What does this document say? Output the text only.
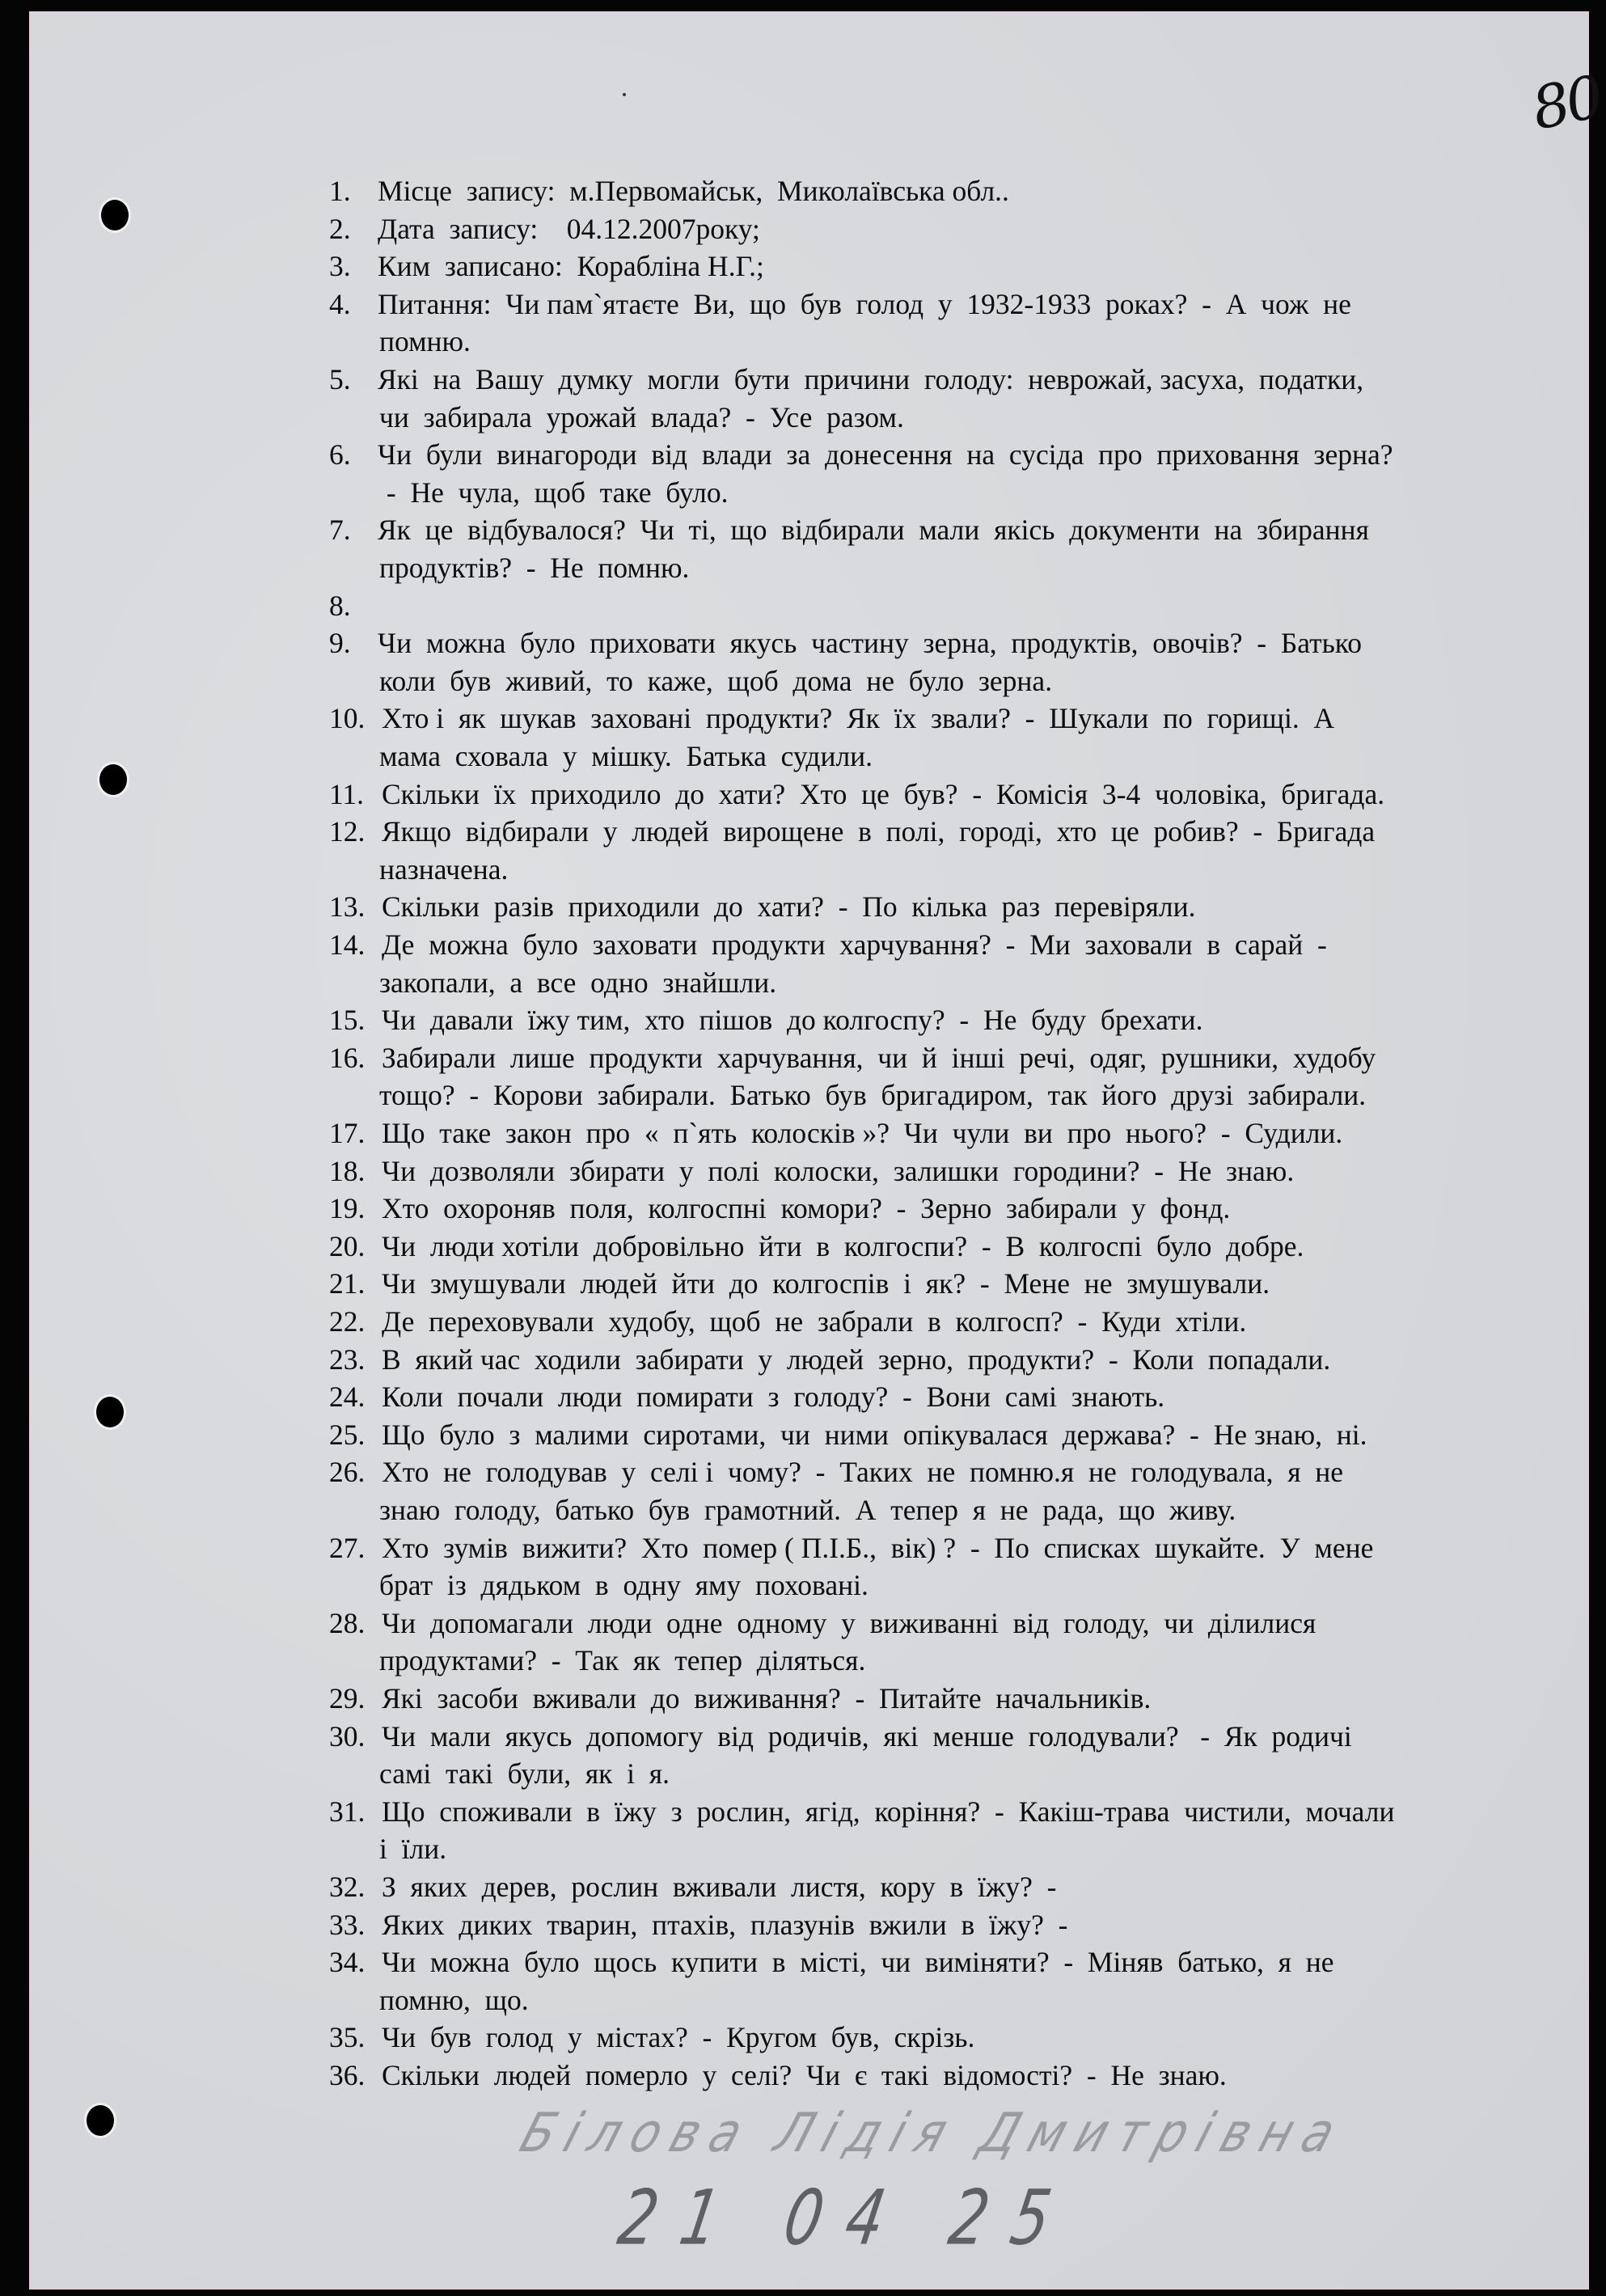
80
1. Місце  запису:  м.Первомайськ,  Миколаївська обл..
2. Дата  запису:    04.12.2007року;
3. Ким  записано:  Корабліна Н.Г.;
4. Питання:  Чи пам`ятаєте  Ви,  що  був  голод  у  1932-1933  роках?  -  А  чож  не
помню.
5. Які  на  Вашу  думку  могли  бути  причини  голоду:  неврожай, засуха,  податки,
чи  забирала  урожай  влада?  -  Усе  разом.
6. Чи  були  винагороди  від  влади  за  донесення  на  сусіда  про  приховання  зерна?
-  Не  чула,  щоб  таке  було.
7. Як  це  відбувалося?  Чи  ті,  що  відбирали  мали  якісь  документи  на  збирання
продуктів?  -  Не  помню.
8.
9. Чи  можна  було  приховати  якусь  частину  зерна,  продуктів,  овочів?  -  Батько
коли  був  живий,  то  каже,  щоб  дома  не  було  зерна.
10. Хто і  як  шукав  заховані  продукти?  Як  їх  звали?  -  Шукали  по  горищі.  А
мама  сховала  у  мішку.  Батька  судили.
11. Скільки  їх  приходило  до  хати?  Хто  це  був?  -  Комісія  3-4  чоловіка,  бригада.
12. Якщо  відбирали  у  людей  вирощене  в  полі,  городі,  хто  це  робив?  -  Бригада
назначена.
13. Скільки  разів  приходили  до  хати?  -  По  кілька  раз  перевіряли.
14. Де  можна  було  заховати  продукти  харчування?  -  Ми  заховали  в  сарай  -
закопали,  а  все  одно  знайшли.
15. Чи  давали  їжу тим,  хто  пішов  до колгоспу?  -  Не  буду  брехати.
16. Забирали  лише  продукти  харчування,  чи  й  інші  речі,  одяг,  рушники,  худобу
тощо?  -  Корови  забирали.  Батько  був  бригадиром,  так  його  друзі  забирали.
17. Що  таке  закон  про  «  п`ять  колосків »?  Чи  чули  ви  про  нього?  -  Судили.
18. Чи  дозволяли  збирати  у  полі  колоски,  залишки  городини?  -  Не  знаю.
19. Хто  охороняв  поля,  колгоспні  комори?  -  Зерно  забирали  у  фонд.
20. Чи  люди хотіли  добровільно  йти  в  колгоспи?  -  В  колгоспі  було  добре.
21. Чи  змушували  людей  йти  до  колгоспів  і  як?  -  Мене  не  змушували.
22. Де  переховували  худобу,  щоб  не  забрали  в  колгосп?  -  Куди  хтіли.
23. В  який час  ходили  забирати  у  людей  зерно,  продукти?  -  Коли  попадали.
24. Коли  почали  люди  помирати  з  голоду?  -  Вони  самі  знають.
25. Що  було  з  малими  сиротами,  чи  ними  опікувалася  держава?  -  Не знаю,  ні.
26. Хто  не  голодував  у  селі і  чому?  -  Таких  не  помню.я  не  голодувала,  я  не
знаю  голоду,  батько  був  грамотний.  А  тепер  я  не  рада,  що  живу.
27. Хто  зумів  вижити?  Хто  помер ( П.І.Б.,  вік) ?  -  По  списках  шукайте.  У  мене
брат  із  дядьком  в  одну  яму  поховані.
28. Чи  допомагали  люди  одне  одному  у  виживанні  від  голоду,  чи  ділилися
продуктами?  -  Так  як  тепер  діляться.
29. Які  засоби  вживали  до  виживання?  -  Питайте  начальників.
30. Чи  мали  якусь  допомогу  від  родичів,  які  менше  голодували?   -  Як  родичі
самі  такі  були,  як  і  я.
31. Що  споживали  в  їжу  з  рослин,  ягід,  коріння?  -  Какіш-трава  чистили,  мочали
і  їли.
32. З  яких  дерев,  рослин  вживали  листя,  кору  в  їжу?  -
33. Яких  диких  тварин,  птахів,  плазунів  вжили  в  їжу?  -
34. Чи  можна  було  щось  купити  в  місті,  чи  виміняти?  -  Міняв  батько,  я  не
помню,  що.
35. Чи  був  голод  у  містах?  -  Кругом  був,  скрізь.
36. Скільки  людей  померло  у  селі?  Чи  є  такі  відомості?  -  Не  знаю.
Білова Лідія Дмитрівна
21 04 25
